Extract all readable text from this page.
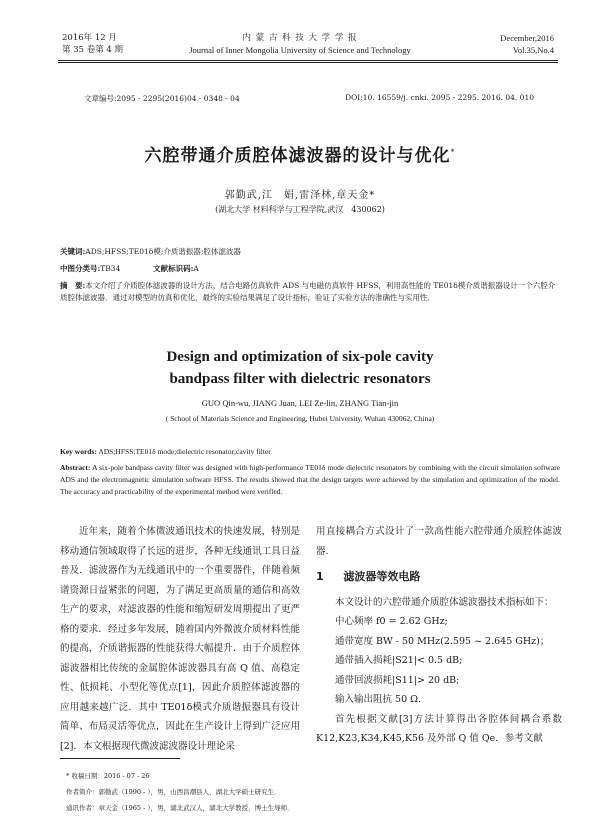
2016年 12 月
第 35 卷第 4 期
内 蒙 古 科 技 大 学 学 报
Journal of Inner Mongolia University of Science and Technology
December,2016
Vol.35,No.4
文章编号:2095 - 2295(2016)04 - 0348 - 04	DOI:10. 16559/j. cnki. 2095 - 2295. 2016. 04. 010
六腔带通介质腔体滤波器的设计与优化*
郭勤武,江　娟,雷泽林,章天金*
(湖北大学 材料科学与工程学院,武汉　430062)
关键词:ADS;HFSS;TE01δ模;介质谐振器;腔体滤波器
中图分类号:TB34	文献标识码:A
摘　要:本文介绍了介质腔体滤波器的设计方法，结合电路仿真软件 ADS 与电磁仿真软件 HFSS，利用高性能的 TE01δ模介质谐振器设计一个六腔介质腔体滤波器．通过对模型的仿真和优化，最终的实验结果满足了设计指标，验证了实验方法的准确性与实用性．
Design and optimization of six-pole cavity
bandpass filter with dielectric resonators
GUO Qin-wu, JIANG Juan, LEI Ze-lin, ZHANG Tian-jin
( School of Materials Science and Engineering, Hubei University, Wuhan 430062, China)
Key words: ADS;HFSS;TE01δ mode;dielectric resonator;cavity filter
Abstract: A six-pole bandpass cavity filter was designed with high-performance TE01δ mode dielectric resonators by combining with the circuit simulation software ADS and the electromagnetic simulation software HFSS. The results showed that the design targets were achieved by the simulation and optimization of the model. The accuracy and practicability of the experimental method were verified.

近年来，随着个体微波通讯技术的快速发展，特别是移动通信领域取得了长远的进步，各种无线通讯工具日益普及．滤波器作为无线通讯中的一个重要器件，伴随着频谱资源日益紧张的问题，为了满足更高质量的通信和高效生产的要求，对滤波器的性能和缩短研发周期提出了更严格的要求．经过多年发展，随着国内外微波介质材料性能的提高，介质谐振器的性能获得大幅提升．由于介质腔体滤波器相比传统的金属腔体滤波器具有高 Q 值、高稳定性、低损耗、小型化等优点[1]，因此介质腔体滤波器的应用越来越广泛．其中 TE01δ模式介质谐振器具有设计简单、布局灵活等优点，因此在生产设计上得到广泛应用[2]．本文根据现代微波滤波器设计理论采

用直接耦合方式设计了一款高性能六腔带通介质腔体滤波器．

1 滤波器等效电路

本文设计的六腔带通介质腔体滤波器技术指标如下：

中心频率 f0 = 2.62 GHz;
通带宽度 BW - 50 MHz(2.595 ~ 2.645 GHz)；
通带插入损耗|S21|< 0.5 dB;
通带回波损耗|S11|> 20 dB;
输入输出阻抗 50 Ω.

首先根据文献[3]方法计算得出各腔体间耦合系数 K12,K23,K34,K45,K56 及外部 Q 值 Qe．参考文献

* 收稿日期：2016 - 07 - 26
作者简介：郭勤武（1990 - ），男，山西昌潮县人，湖北大学硕士研究生．
通讯作者：章天金（1965 - ），男，湖北武汉人，湖北大学教授，博士生导师．
